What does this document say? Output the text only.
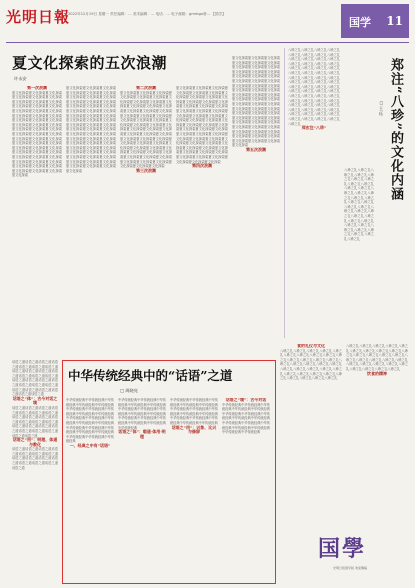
光明日報
2022年12月19日 星期一 责任编辑：… 美术编辑：… 电话：… 电子邮箱：gmrbgx@… 【国学】
国学 11
夏文化探索的五次浪潮
许永安
第一次浪潮
夏文化探索夏文化探索夏文化探索夏文化探索夏文化探索夏文化探索夏文化探索夏文化探索夏文化探索夏文化探索夏文化探索夏文化探索夏文化探索夏文化探索夏文化探索夏文化探索夏文化探索夏文化探索夏文化探索夏文化探索夏文化探索夏文化探索夏文化探索夏文化探索夏文化探索夏文化探索夏文化探索夏文化探索夏文化探索夏文化探索夏文化探索夏文化探索夏文化探索夏文化探索夏文化探索夏文化探索夏文化探索夏文化探索夏文化探索夏文化探索夏文化探索夏文化探索夏文化探索夏文化探索夏文化探索夏文化探索夏文化探索夏文化探索夏文化探索夏文化探索夏文化探索夏文化探索夏文化探索夏文化探索夏文化探索
夏文化探索夏文化探索夏文化探索夏文化探索夏文化探索夏文化探索夏文化探索夏文化探索夏文化探索夏文化探索夏文化探索夏文化探索夏文化探索夏文化探索夏文化探索夏文化探索夏文化探索夏文化探索夏文化探索夏文化探索夏文化探索夏文化探索夏文化探索夏文化探索夏文化探索夏文化探索夏文化探索夏文化探索夏文化探索夏文化探索夏文化探索夏文化探索夏文化探索夏文化探索夏文化探索夏文化探索夏文化探索夏文化探索夏文化探索夏文化探索夏文化探索夏文化探索夏文化探索夏文化探索夏文化探索夏文化探索夏文化探索夏文化探索夏文化探索夏文化探索夏文化探索夏文化探索夏文化探索夏文化探索夏文化探索
第二次浪潮
夏文化探索夏文化探索夏文化探索夏文化探索夏文化探索夏文化探索夏文化探索夏文化探索夏文化探索夏文化探索夏文化探索夏文化探索夏文化探索夏文化探索夏文化探索夏文化探索夏文化探索夏文化探索夏文化探索夏文化探索夏文化探索夏文化探索夏文化探索夏文化探索夏文化探索夏文化探索夏文化探索夏文化探索夏文化探索夏文化探索夏文化探索夏文化探索夏文化探索夏文化探索夏文化探索夏文化探索夏文化探索夏文化探索夏文化探索夏文化探索夏文化探索夏文化探索夏文化探索夏文化探索夏文化探索夏文化探索夏文化探索夏文化探索夏文化探索夏文化探索夏文化探索夏文化探索夏文化探索夏文化探索
第三次浪潮
夏文化探索夏文化探索夏文化探索夏文化探索夏文化探索夏文化探索夏文化探索夏文化探索夏文化探索夏文化探索夏文化探索夏文化探索夏文化探索夏文化探索夏文化探索夏文化探索夏文化探索夏文化探索夏文化探索夏文化探索夏文化探索夏文化探索夏文化探索夏文化探索夏文化探索夏文化探索夏文化探索夏文化探索夏文化探索夏文化探索夏文化探索夏文化探索夏文化探索夏文化探索夏文化探索夏文化探索夏文化探索夏文化探索夏文化探索夏文化探索夏文化探索夏文化探索夏文化探索夏文化探索夏文化探索夏文化探索夏文化探索夏文化探索夏文化探索夏文化探索夏文化探索夏文化探索夏文化探索夏文化探索
第四次浪潮
夏文化探索夏文化探索夏文化探索夏文化探索夏文化探索夏文化探索夏文化探索夏文化探索夏文化探索夏文化探索夏文化探索夏文化探索夏文化探索夏文化探索夏文化探索夏文化探索夏文化探索夏文化探索夏文化探索夏文化探索夏文化探索夏文化探索夏文化探索夏文化探索夏文化探索夏文化探索夏文化探索夏文化探索夏文化探索夏文化探索夏文化探索夏文化探索夏文化探索夏文化探索夏文化探索夏文化探索夏文化探索夏文化探索夏文化探索夏文化探索夏文化探索夏文化探索夏文化探索夏文化探索夏文化探索夏文化探索夏文化探索夏文化探索夏文化探索夏文化探索夏文化探索夏文化探索夏文化探索夏文化探索夏文化探索夏文化探索夏文化探索夏文化探索
第五次浪潮
八珍之礼八珍之礼八珍之礼八珍之礼八珍之礼八珍之礼八珍之礼八珍之礼八珍之礼八珍之礼八珍之礼八珍之礼八珍之礼八珍之礼八珍之礼八珍之礼八珍之礼八珍之礼八珍之礼八珍之礼八珍之礼八珍之礼八珍之礼八珍之礼八珍之礼八珍之礼八珍之礼八珍之礼八珍之礼八珍之礼八珍之礼八珍之礼八珍之礼八珍之礼八珍之礼八珍之礼八珍之礼八珍之礼八珍之礼八珍之礼八珍之礼八珍之礼八珍之礼八珍之礼八珍之礼八珍之礼八珍之礼八珍之礼八珍之礼八珍之礼八珍之礼八珍之礼八珍之礼八珍之礼八珍之礼八珍之礼八珍之礼八珍之礼八珍之礼八珍之礼八珍之礼八珍之礼八珍之礼八珍之礼八珍之礼
郑玄注“八珍”	郑注“八珍”的文化内涵
□ 王 珏
八珍之礼八珍之礼八珍之礼八珍之礼八珍之礼八珍之礼八珍之礼八珍之礼八珍之礼八珍之礼八珍之礼八珍之礼八珍之礼八珍之礼八珍之礼八珍之礼八珍之礼八珍之礼八珍之礼八珍之礼八珍之礼八珍之礼八珍之礼八珍之礼八珍之礼八珍之礼八珍之礼八珍之礼八珍之礼八珍之礼八珍之礼八珍之礼八珍之礼八珍之礼八珍之礼
话语之道话语之道话语之道话语之道话语之道话语之道话语之道话语之道话语之道话语之道话语之道话语之道话语之道话语之道话语之道话语之道话语之道话语之道话语之道话语之道话语之道话语之道话语之道话语之道话语之道话语之道话语之道
话语之“体”：古今对话之境
话语之道话语之道话语之道话语之道话语之道话语之道话语之道话语之道话语之道话语之道话语之道话语之道话语之道话语之道话语之道话语之道话语之道话语之道话语之道话语之道话语之道话语之道话语之道
话语之“用”：明理、体道与教化
话语之道话语之道话语之道话语之道话语之道话语之道话语之道话语之道话语之道话语之道话语之道话语之道话语之道话语之道话语之道
中华传统经典中的“话语”之道
□ 周晓亮
中华传统经典中华传统经典中华传统经典中华传统经典中华传统经典中华传统经典中华传统经典中华传统经典中华传统经典中华传统经典中华传统经典中华传统经典中华传统经典中华传统经典中华传统经典中华传统经典中华传统经典中华传统经典中华传统经典中华传统经典中华传统经典中华传统经典中华传统经典
一、经典之中有“话语”
中华传统经典中华传统经典中华传统经典中华传统经典中华传统经典中华传统经典中华传统经典中华传统经典中华传统经典中华传统经典中华传统经典中华传统经典中华传统经典中华传统经典中华传统经典中华传统经典
话语之“体”：载道·体用·明理
中华传统经典中华传统经典中华传统经典中华传统经典中华传统经典中华传统经典中华传统经典中华传统经典中华传统经典中华传统经典中华传统经典中华传统经典中华传统经典中华传统经典中华传统经典
话语之“用”：兴象、比兴与修辞
话语之“境”：古今对话
中华传统经典中华传统经典中华传统经典中华传统经典中华传统经典中华传统经典中华传统经典中华传统经典中华传统经典中华传统经典中华传统经典中华传统经典中华传统经典中华传统经典中华传统经典中华传统经典中华传统经典
食的礼仪与文化
八珍之礼八珍之礼八珍之礼八珍之礼八珍之礼八珍之礼八珍之礼八珍之礼八珍之礼八珍之礼八珍之礼八珍之礼八珍之礼八珍之礼八珍之礼八珍之礼八珍之礼八珍之礼八珍之礼八珍之礼八珍之礼八珍之礼八珍之礼八珍之礼八珍之礼八珍之礼八珍之礼八珍之礼八珍之礼八珍之礼八珍之礼八珍之礼八珍之礼
八珍之礼八珍之礼八珍之礼八珍之礼八珍之礼八珍之礼八珍之礼八珍之礼八珍之礼八珍之礼八珍之礼八珍之礼八珍之礼八珍之礼八珍之礼八珍之礼八珍之礼八珍之礼八珍之礼八珍之礼八珍之礼八珍之礼八珍之礼八珍之礼八珍之礼八珍之礼八珍之礼八珍之礼
饮食的精神
国學
光明日报国学版 欢迎赐稿
